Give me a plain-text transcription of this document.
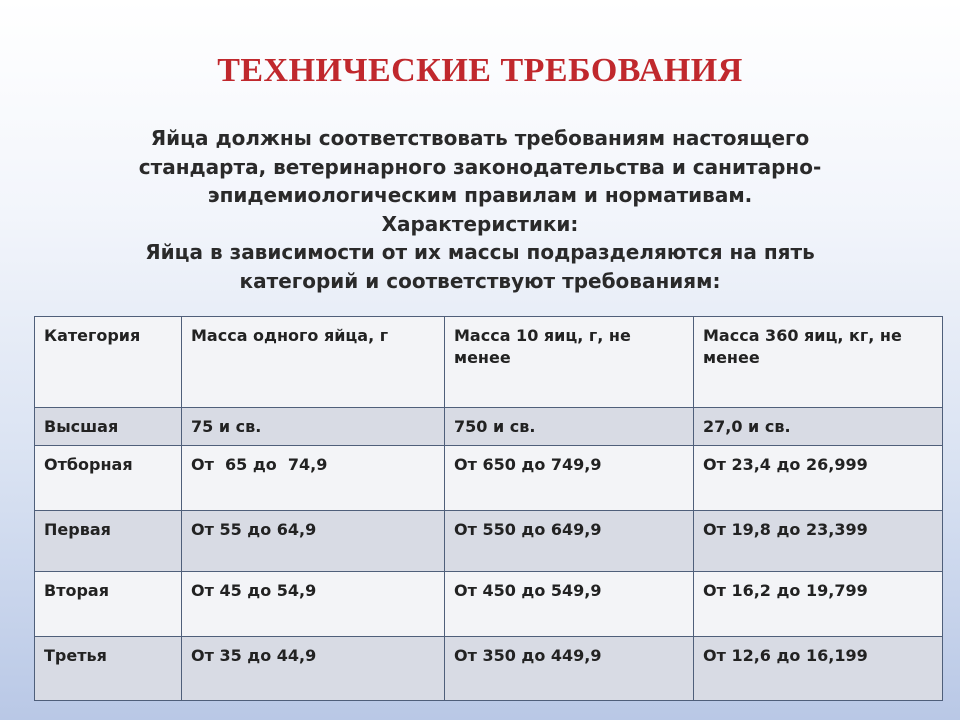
ТЕХНИЧЕСКИЕ ТРЕБОВАНИЯ
Яйца должны соответствовать требованиям настоящего
стандарта, ветеринарного законодательства и санитарно-
эпидемиологическим правилам и нормативам.
Характеристики:
Яйца в зависимости от их массы подразделяются на пять
категорий и соответствуют требованиям:
Категория	Масса одного яйца, г	Масса 10 яиц, г, не менее	Масса 360 яиц, кг, не менее
Высшая	75 и св.	750 и св.	27,0 и св.
Отборная	От  65 до  74,9	От 650 до 749,9	От 23,4 до 26,999
Первая	От 55 до 64,9	От 550 до 649,9	От 19,8 до 23,399
Вторая	От 45 до 54,9	От 450 до 549,9	От 16,2 до 19,799
Третья	От 35 до 44,9	От 350 до 449,9	От 12,6 до 16,199
